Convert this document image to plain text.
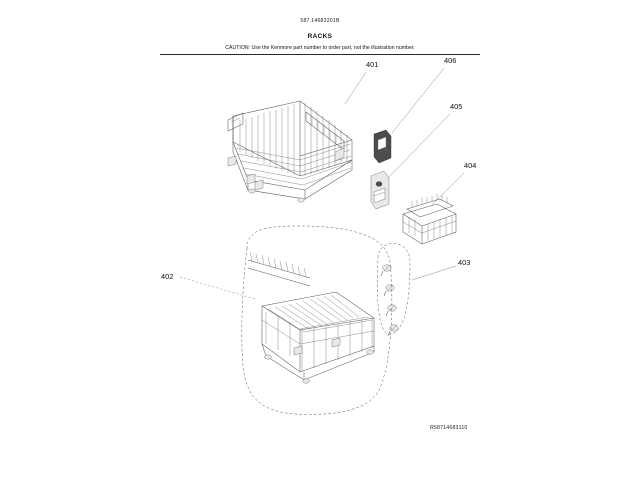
587.14683201B
RACKS
CAUTION: Use the Kenmore part number to order part, not the illustration number.
401	406
405
404
403
402
R58714683110
